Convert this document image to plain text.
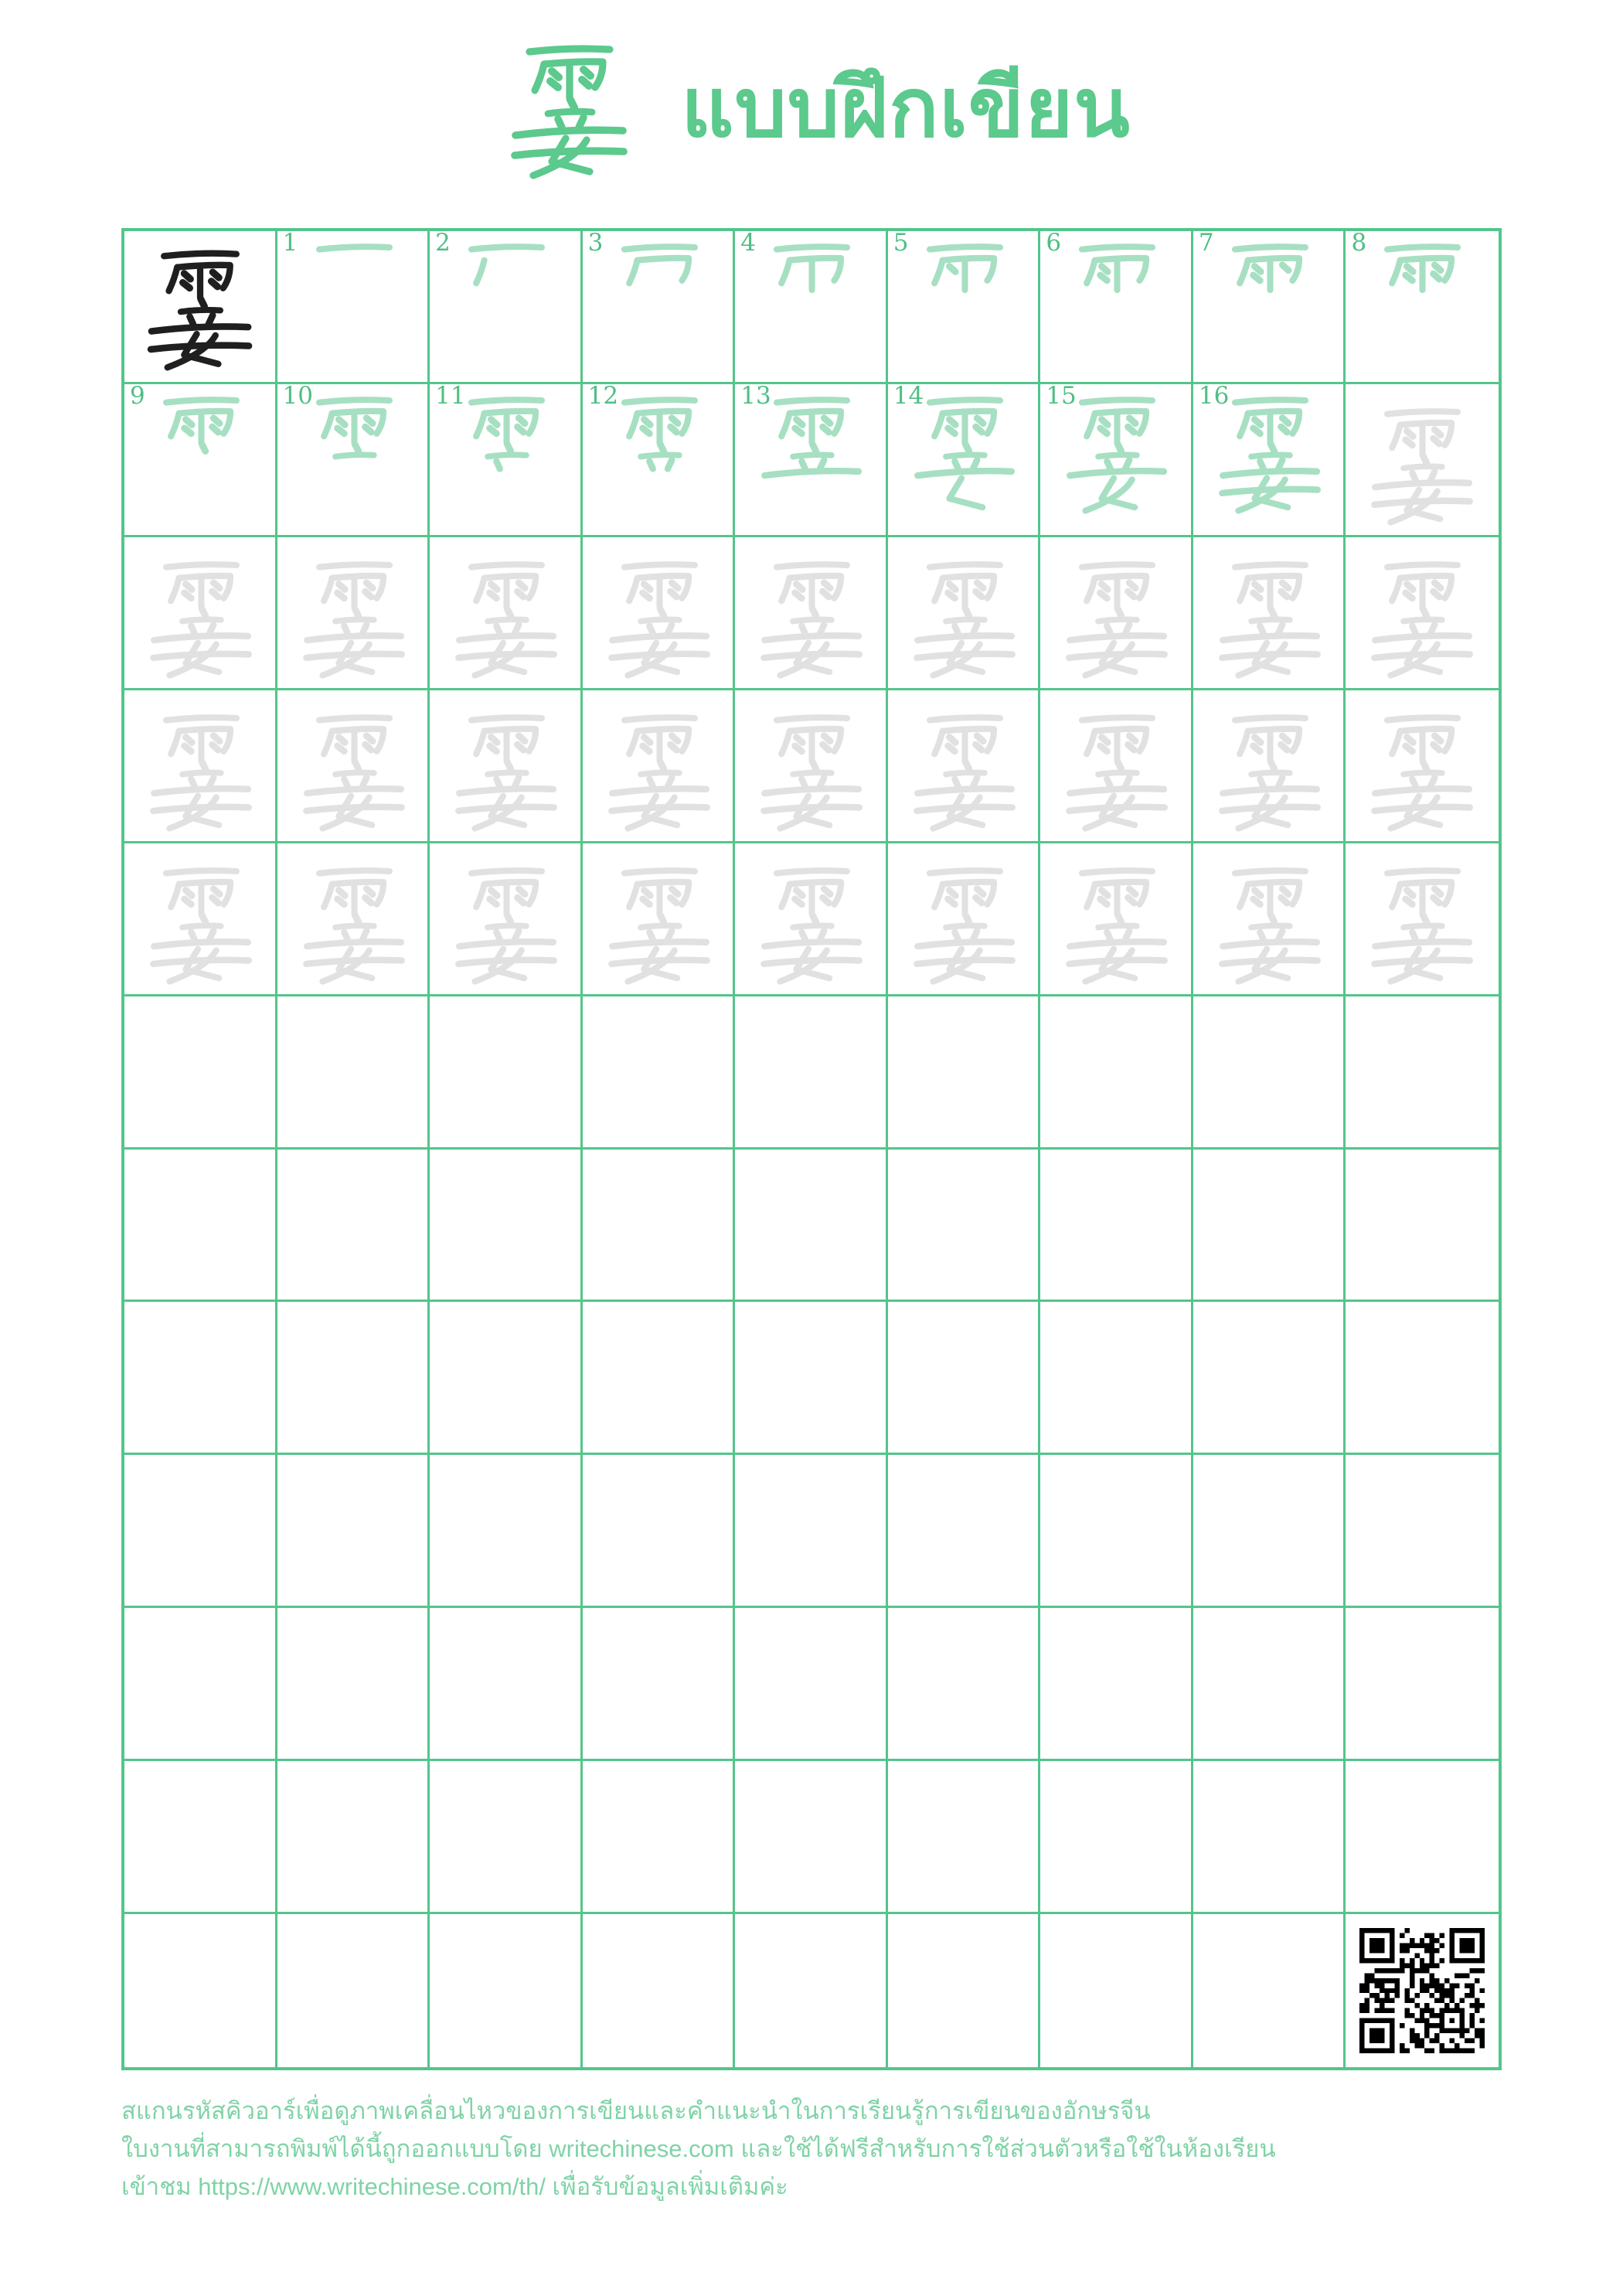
แบบฝึกเขียน
1	2	3	4	5	6	7	8
9	10	11	12	13	14	15	16

สแกนรหัสคิวอาร์เพื่อดูภาพเคลื่อนไหวของการเขียนและคำแนะนำในการเรียนรู้การเขียนของอักษรจีน

ใบงานที่สามารถพิมพ์ได้นี้ถูกออกแบบโดย writechinese.com และใช้ได้ฟรีสำหรับการใช้ส่วนตัวหรือใช้ในห้องเรียน

เข้าชม https://www.writechinese.com/th/ เพื่อรับข้อมูลเพิ่มเติมค่ะ
